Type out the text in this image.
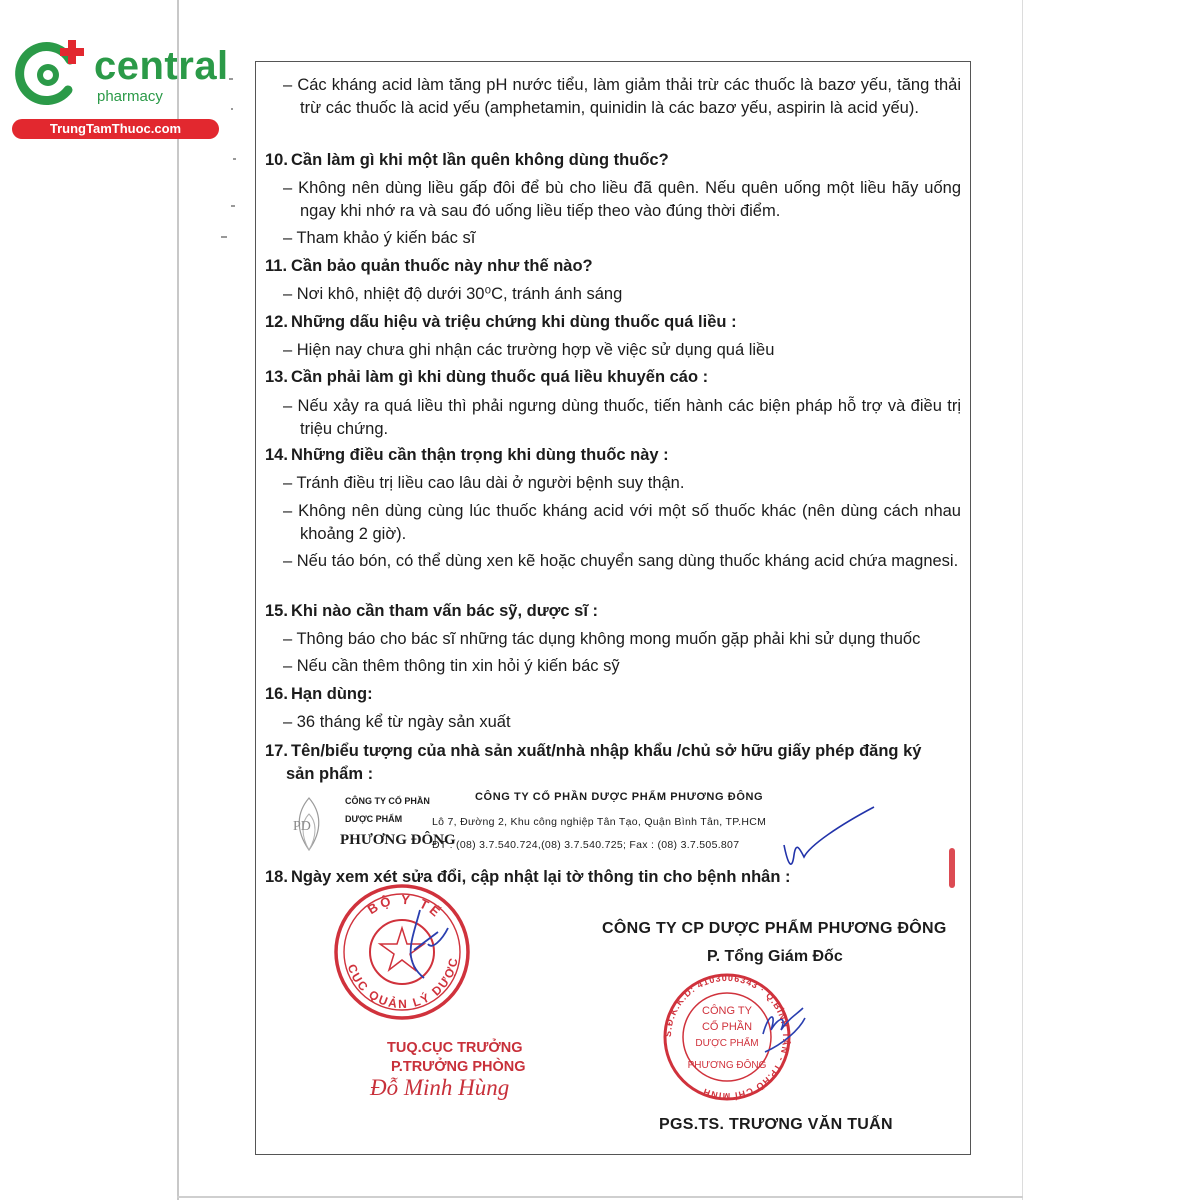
central
pharmacy
TrungTamThuoc.com
– Các kháng acid làm tăng pH nước tiểu, làm giảm thải trừ các thuốc là bazơ yếu, tăng thải trừ các thuốc là acid yếu (amphetamin, quinidin là các bazơ yếu, aspirin là acid yếu).
10. Cần làm gì khi một lần quên không dùng thuốc?
– Không nên dùng liều gấp đôi để bù cho liều đã quên. Nếu quên uống một liều hãy uống ngay khi nhớ ra và sau đó uống liều tiếp theo vào đúng thời điểm.
– Tham khảo ý kiến bác sĩ
11. Cần bảo quản thuốc này như thế nào?
– Nơi khô, nhiệt độ dưới 30⁰C, tránh ánh sáng
12. Những dấu hiệu và triệu chứng khi dùng thuốc quá liều :
– Hiện nay chưa ghi nhận các trường hợp về việc sử dụng quá liều
13. Cần phải làm gì khi dùng thuốc quá liều khuyến cáo :
– Nếu xảy ra quá liều thì phải ngưng dùng thuốc, tiến hành các biện pháp hỗ trợ và điều trị triệu chứng.
14. Những điều cần thận trọng khi dùng thuốc này :
– Tránh điều trị liều cao lâu dài ở người bệnh suy thận.
– Không nên dùng cùng lúc thuốc kháng acid với một số thuốc khác (nên dùng cách nhau khoảng 2 giờ).
– Nếu táo bón, có thể dùng xen kẽ hoặc chuyển sang dùng thuốc kháng acid chứa magnesi.
15. Khi nào cần tham vấn bác sỹ, dược sĩ :
– Thông báo cho bác sĩ những tác dụng không mong muốn gặp phải khi sử dụng thuốc
– Nếu cần thêm thông tin xin hỏi ý kiến bác sỹ
16. Hạn dùng:
– 36 tháng kể từ ngày sản xuất
17. Tên/biểu tượng của nhà sản xuất/nhà nhập khẩu /chủ sở hữu giấy phép đăng ký
sản phẩm :
PD
CÔNG TY CỔ PHẦN
DƯỢC PHẨM
PHƯƠNG ĐÔNG
CÔNG TY CỔ PHẦN DƯỢC PHẨM PHƯƠNG ĐÔNG
Lô 7, Đường 2, Khu công nghiệp Tân Tạo, Quận Bình Tân, TP.HCM
ĐT : (08) 3.7.540.724,(08) 3.7.540.725; Fax : (08) 3.7.505.807
18. Ngày xem xét sửa đổi, cập nhật lại tờ thông tin cho bệnh nhân :
BỘ Y TẾ
CỤC QUẢN LÝ DƯỢC
TUQ.CỤC TRƯỞNG
P.TRƯỞNG PHÒNG
Đỗ Minh Hùng
CÔNG TY CP DƯỢC PHẨM PHƯƠNG ĐÔNG
P. Tổng Giám Đốc
S.Đ.K.K.D: 4103006343 · Q.BÌNH TÂN - TP.HỒ CHÍ MINH
CÔNG TY
CỔ PHẦN
DƯỢC PHẨM
PHƯƠNG ĐÔNG
PGS.TS. TRƯƠNG VĂN TUẤN
